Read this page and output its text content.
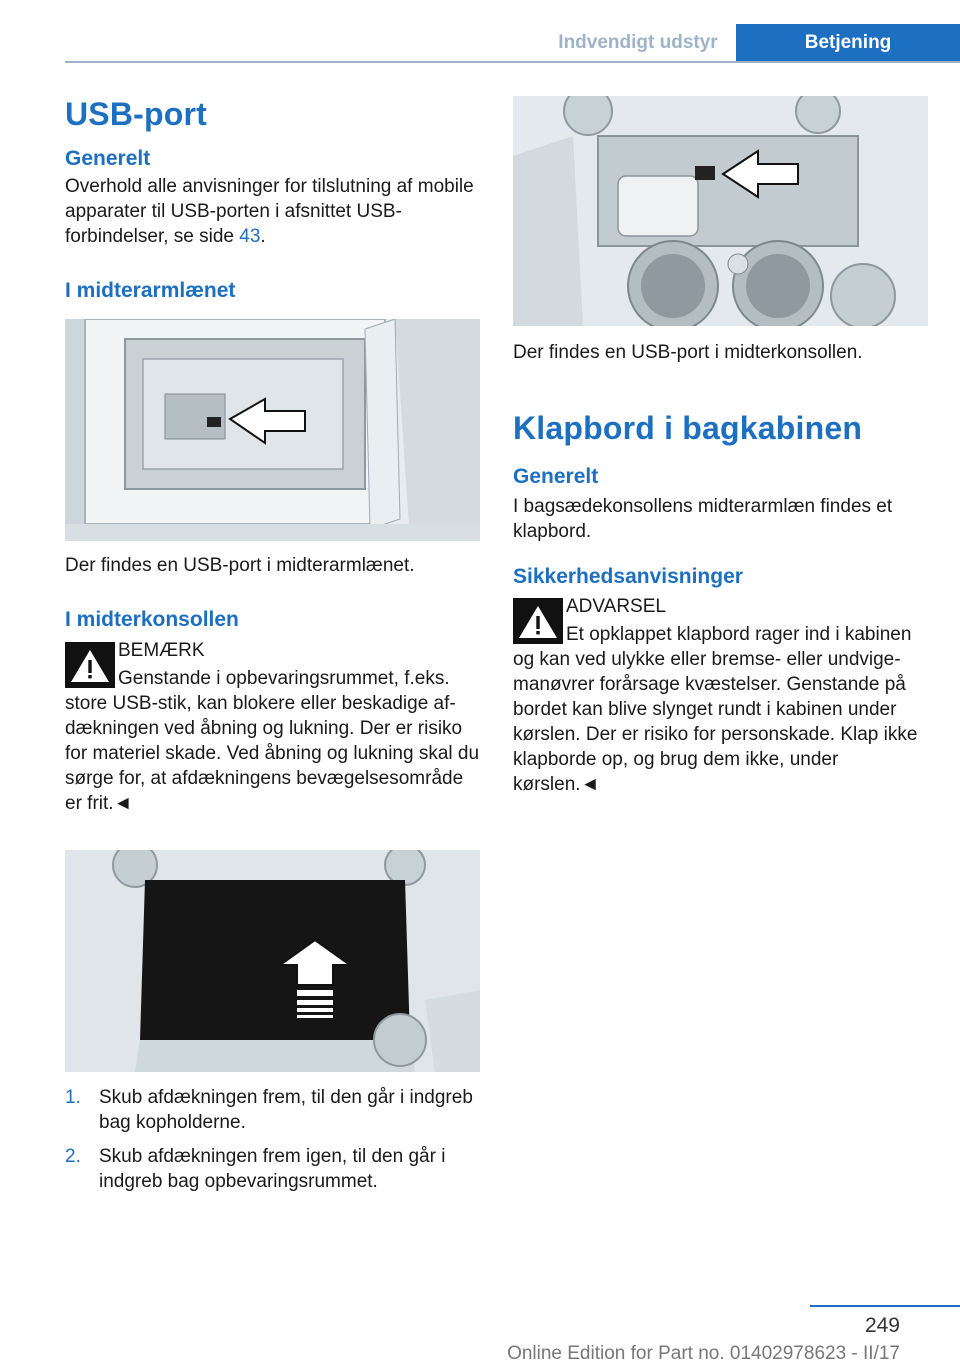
Indvendigt udstyr	Betjening
USB-port
Generelt

Overhold alle anvisninger for tilslutning af mobile apparater til USB-porten i afsnittet USB-forbindelser, se side 43.

I midterarmlænet

Der findes en USB-port i midterarmlænet.

I midterkonsollen
BEMÆRK
Genstande i opbevaringsrummet, f.eks.
store USB-stik, kan blokere eller beskadige afdækningen ved åbning og lukning. Der er risiko for materiel skade. Ved åbning og lukning skal du sørge for, at afdækningens bevægelsesområde er frit.◄
1. Skub afdækningen frem, til den går i indgreb bag kopholderne.
2. Skub afdækningen frem igen, til den går i indgreb bag opbevaringsrummet.

Der findes en USB-port i midterkonsollen.

Klapbord i bagkabinen
Generelt

I bagsædekonsollens midterarmlæn findes et klapbord.

Sikkerhedsanvisninger
ADVARSEL
Et opklappet klapbord rager ind i kabinen
og kan ved ulykke eller bremse- eller undvigemanøvrer forårsage kvæstelser. Genstande på bordet kan blive slynget rundt i kabinen under kørslen. Der er risiko for personskade. Klap ikke klapborde op, og brug dem ikke, under kørslen.◄
249
Online Edition for Part no. 01402978623 - II/17
